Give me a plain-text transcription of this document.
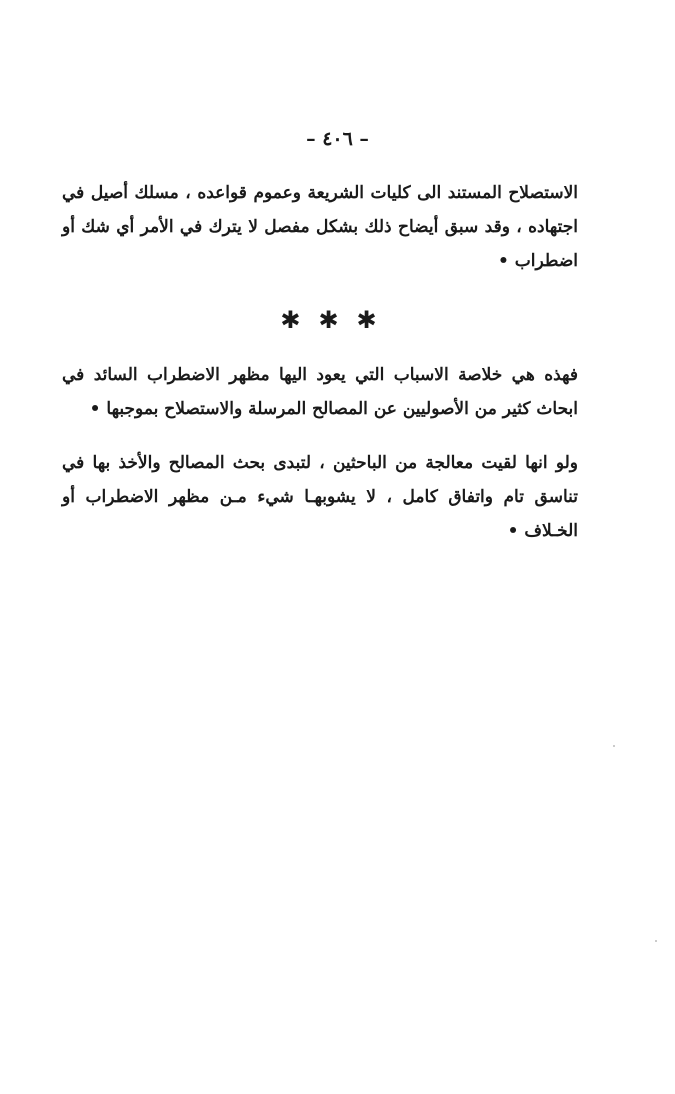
– ٤٠٦ –
الاستصلاح المستند الى كليات الشريعة وعموم قواعده ، مسلك أصيل في اجتهاده ، وقد سبق أيضاح ذلك بشكل مفصل لا يترك في الأمر أي شك أو اضطراب •
✱✱✱
فهذه هي خلاصة الاسباب التي يعود اليها مظهر الاضطراب السائد في ابحاث كثير من الأصوليين عن المصالح المرسلة والاستصلاح بموجبها •
ولو انها لقيت معالجة من الباحثين ، لتبدى بحث المصالح والأخذ بها في تناسق تام واتفاق كامل ، لا يشوبهـا شيء مـن مظهر الاضطراب أو الخـلاف •
